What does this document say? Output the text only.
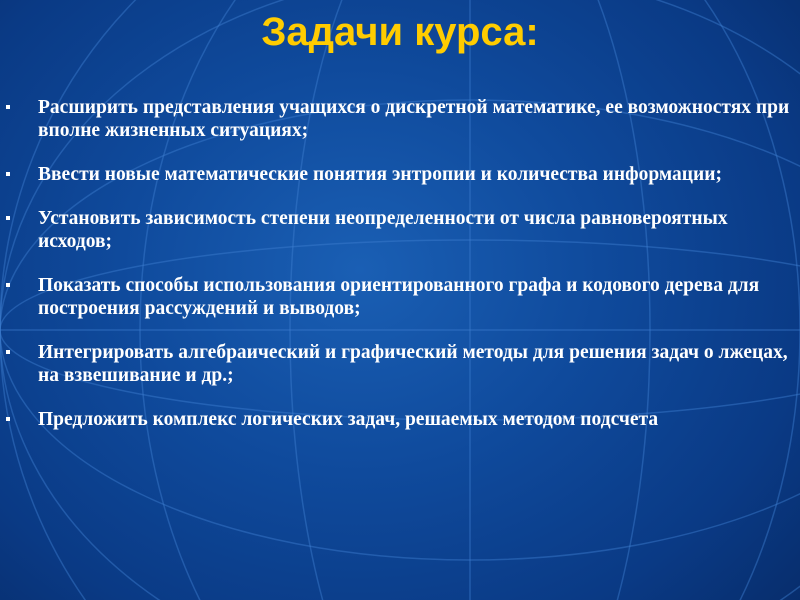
Задачи курса:
Расширить представления учащихся о дискретной математике, ее возможностях при вполне жизненных ситуациях;
Ввести новые математические понятия энтропии и количества информации;
Установить зависимость степени неопределенности от числа равновероятных исходов;
Показать способы использования ориентированного графа и кодового дерева для построения рассуждений и выводов;
Интегрировать алгебраический и графический методы для решения задач о лжецах, на взвешивание и др.;
Предложить комплекс логических задач, решаемых методом подсчета
